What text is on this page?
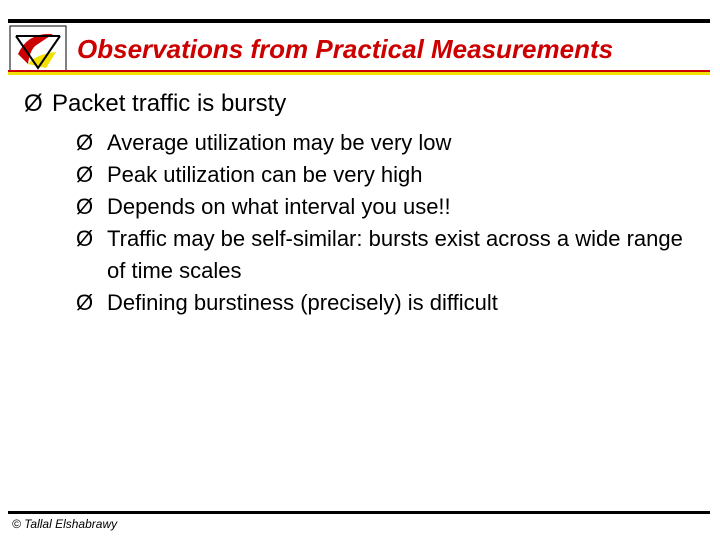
Observations from Practical Measurements
Ø Packet traffic is bursty
Ø Average utilization may be very low
Ø Peak utilization can be very high
Ø Depends on what interval you use!!
Ø Traffic may be self-similar: bursts exist across a wide range of time scales
Ø Defining burstiness (precisely) is difficult
© Tallal Elshabrawy
